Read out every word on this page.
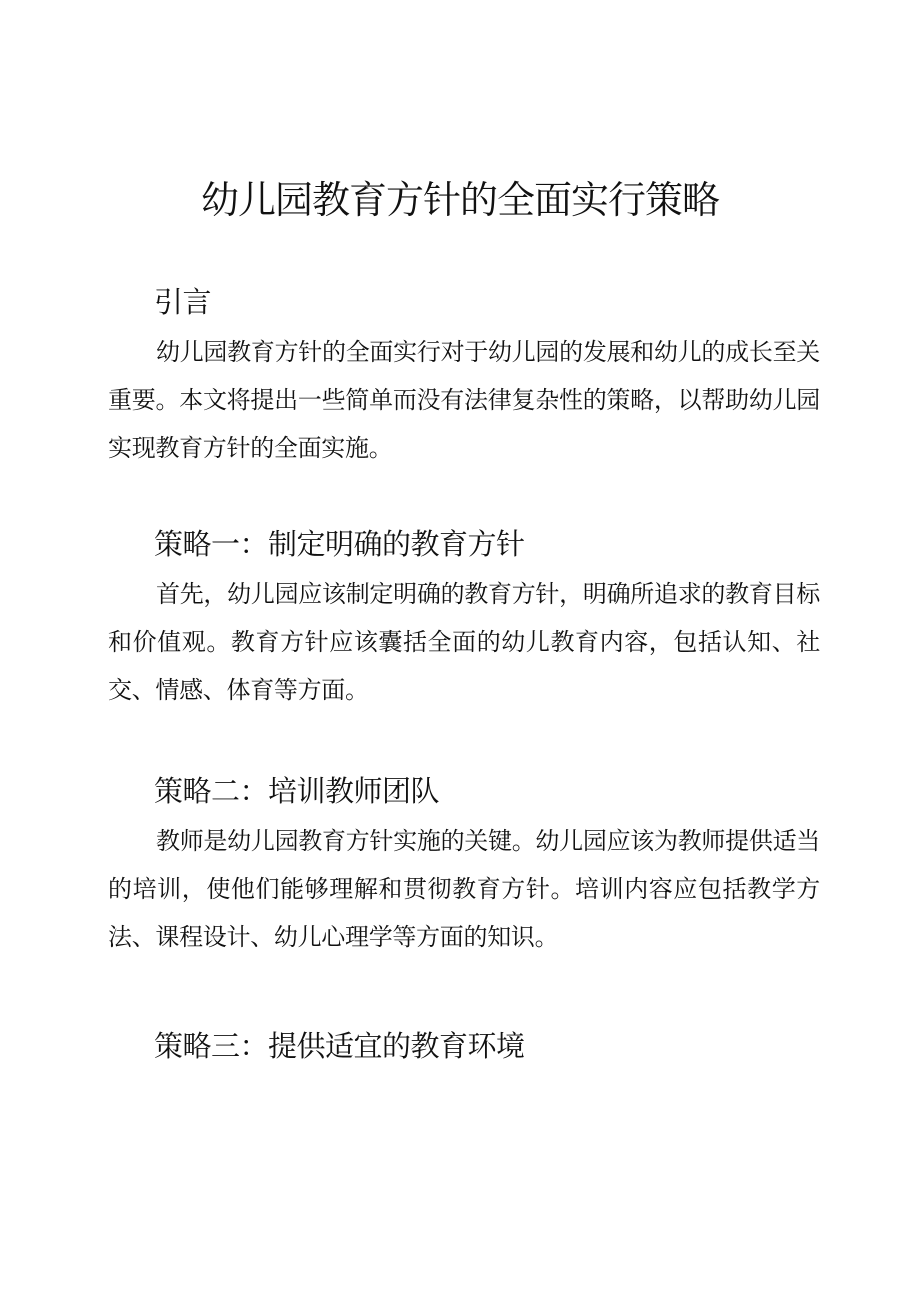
幼儿园教育方针的全面实行策略
引言

幼儿园教育方针的全面实行对于幼儿园的发展和幼儿的成长至关重要。本文将提出一些简单而没有法律复杂性的策略，以帮助幼儿园实现教育方针的全面实施。

策略一：制定明确的教育方针

首先，幼儿园应该制定明确的教育方针，明确所追求的教育目标和价值观。教育方针应该囊括全面的幼儿教育内容，包括认知、社交、情感、体育等方面。

策略二：培训教师团队

教师是幼儿园教育方针实施的关键。幼儿园应该为教师提供适当的培训，使他们能够理解和贯彻教育方针。培训内容应包括教学方法、课程设计、幼儿心理学等方面的知识。

策略三：提供适宜的教育环境
